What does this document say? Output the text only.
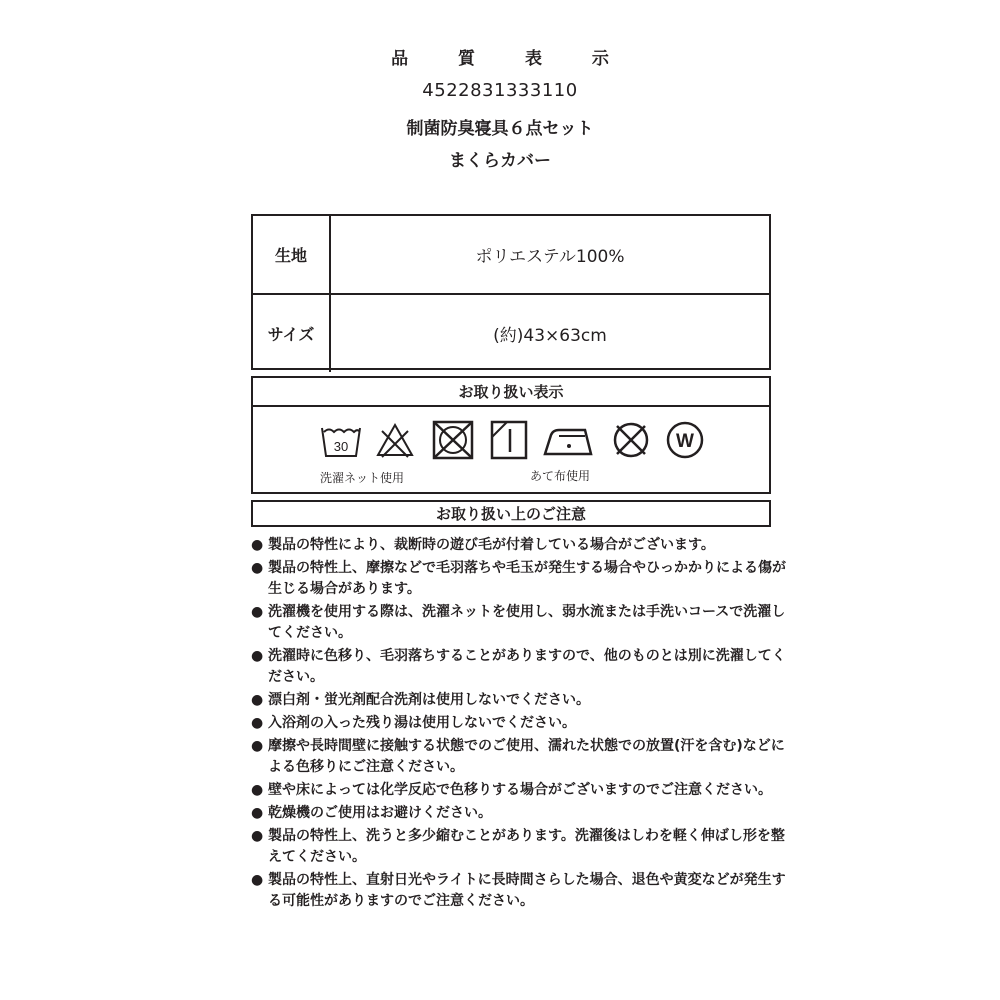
品 質 表 示
4522831333110
制菌防臭寝具６点セット
まくらカバー
生地	ポリエステル100%
サイズ	(約)43×63cm
お取り扱い表示
30	W
洗濯ネット使用	あて布使用
お取り扱い上のご注意
● 製品の特性により、裁断時の遊び毛が付着している場合がございます。
● 製品の特性上、摩擦などで毛羽落ちや毛玉が発生する場合やひっかかりによる傷が生じる場合があります。
● 洗濯機を使用する際は、洗濯ネットを使用し、弱水流または手洗いコースで洗濯してください。
● 洗濯時に色移り、毛羽落ちすることがありますので、他のものとは別に洗濯してください。
● 漂白剤・蛍光剤配合洗剤は使用しないでください。
● 入浴剤の入った残り湯は使用しないでください。
● 摩擦や長時間壁に接触する状態でのご使用、濡れた状態での放置(汗を含む)などによる色移りにご注意ください。
● 壁や床によっては化学反応で色移りする場合がございますのでご注意ください。
● 乾燥機のご使用はお避けください。
● 製品の特性上、洗うと多少縮むことがあります。洗濯後はしわを軽く伸ばし形を整えてください。
● 製品の特性上、直射日光やライトに長時間さらした場合、退色や黄変などが発生する可能性がありますのでご注意ください。
